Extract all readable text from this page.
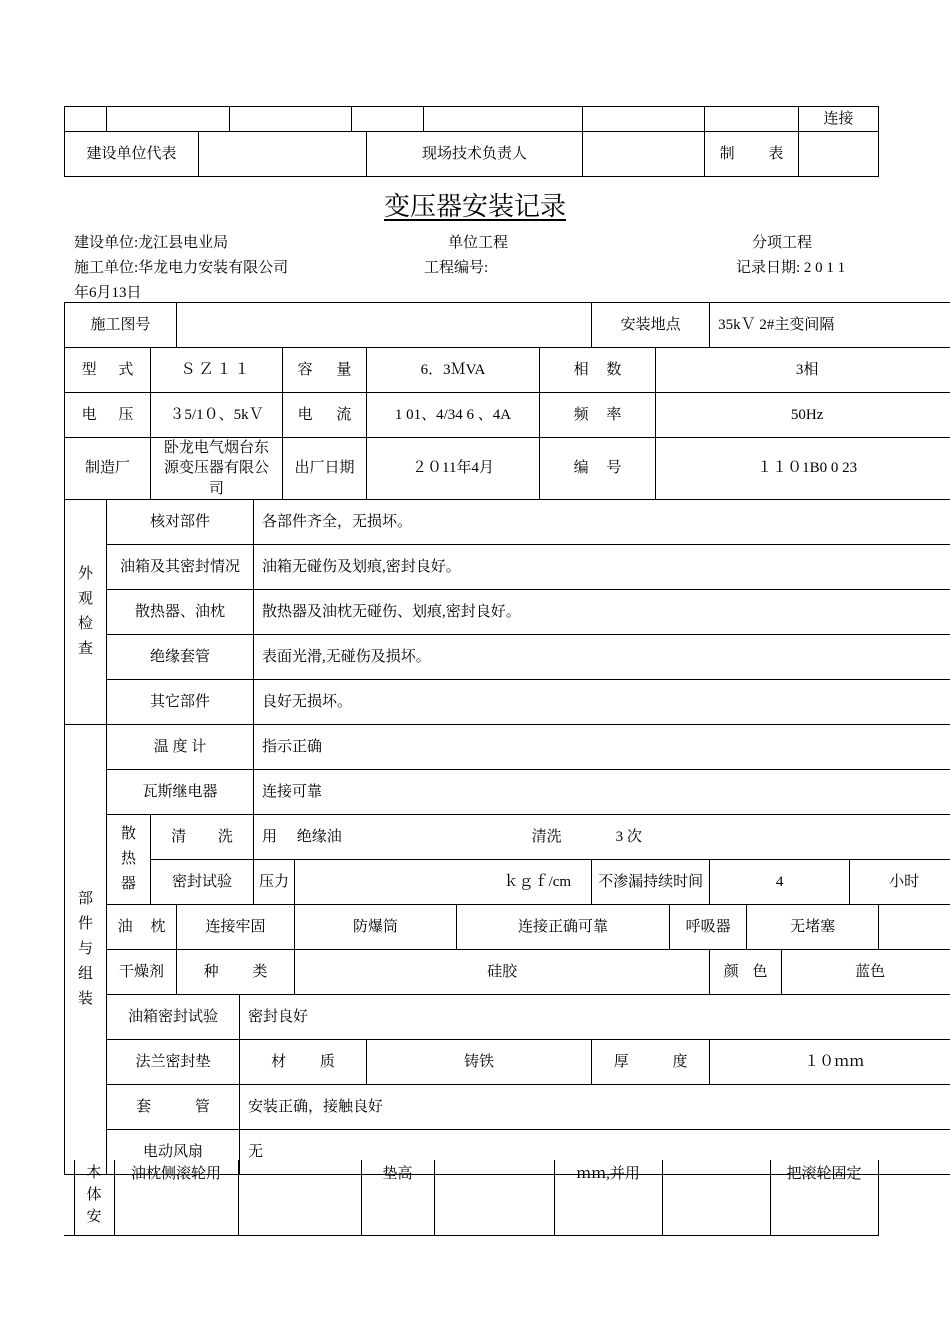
									连接
建设单位代表					现场技术负责人			制 表	
变压器安装记录
建设单位:龙江县电业局	单位工程	分项工程
施工单位:华龙电力安装有限公司	工程编号:	记录日期: 2 0 1 1
年6月13日
施工图号											安装地点			35kＶ 2#主变间隔			
型 式		ＳＺ１１				容 量		6．3ＭVA		相 数		3相					
电 压		３5/1０、5kＶ				电 流		1 01、4/34 6 、4A		频 率		50Hz					
制造厂		卧龙电气烟台东源变压器有限公司				出厂日期		２０11年4月		编 号		１１０1B0 0 23					
外观检查	核对部件				各部件齐全，无损坏。												
	油箱及其密封情况				油箱无碰伤及划痕,密封良好。												
	散热器、油枕				散热器及油枕无碰伤、划痕,密封良好。												
	绝缘套管				表面光滑,无碰伤及损坏。												
	其它部件				良好无损坏。												
部件与组装	温 度 计				指示正确												
	瓦斯继电器				连接可靠												
	散热器	清 洗			用 绝缘油				清洗		3 次						
		密封试验			压力		ｋｇｆ/cm				不渗漏持续时间			4			小时
	油 枕		连接牢固				防爆筒		连接正确可靠				呼吸器		无堵塞		
	干燥剂		种 类				硅胶							颜 色		蓝色	
	油箱密封试验			密封良好													
	法兰密封垫			材 质				铸铁			厚 度			１０ｍｍ			
	套 管			安装正确，接触良好													
	电动风扇			无													
	本体安	油枕侧滚轮用		垫高		ｍｍ,并用		把滚轮固定
